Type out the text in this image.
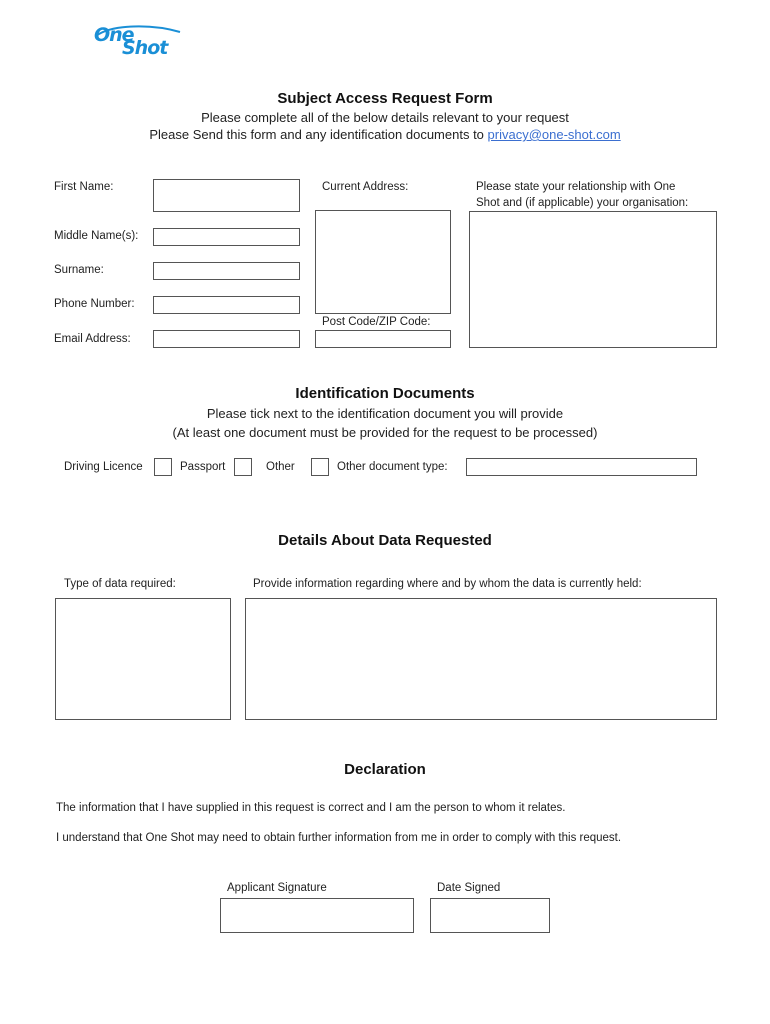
One
Shot
Subject Access Request Form
Please complete all of the below details relevant to your request
Please Send this form and any identification documents to privacy@one-shot.com
First Name:
Middle Name(s):
Surname:
Phone Number:
Email Address:
Current Address:
Post Code/ZIP Code:
Please state your relationship with One
Shot and (if applicable) your organisation:
Identification Documents
Please tick next to the identification document you will provide
(At least one document must be provided for the request to be processed)
Driving Licence	Passport	Other	Other document type:
Details About Data Requested
Type of data required:	Provide information regarding where and by whom the data is currently held:
Declaration
The information that I have supplied in this request is correct and I am the person to whom it relates.
I understand that One Shot may need to obtain further information from me in order to comply with this request.
Applicant Signature	Date Signed
